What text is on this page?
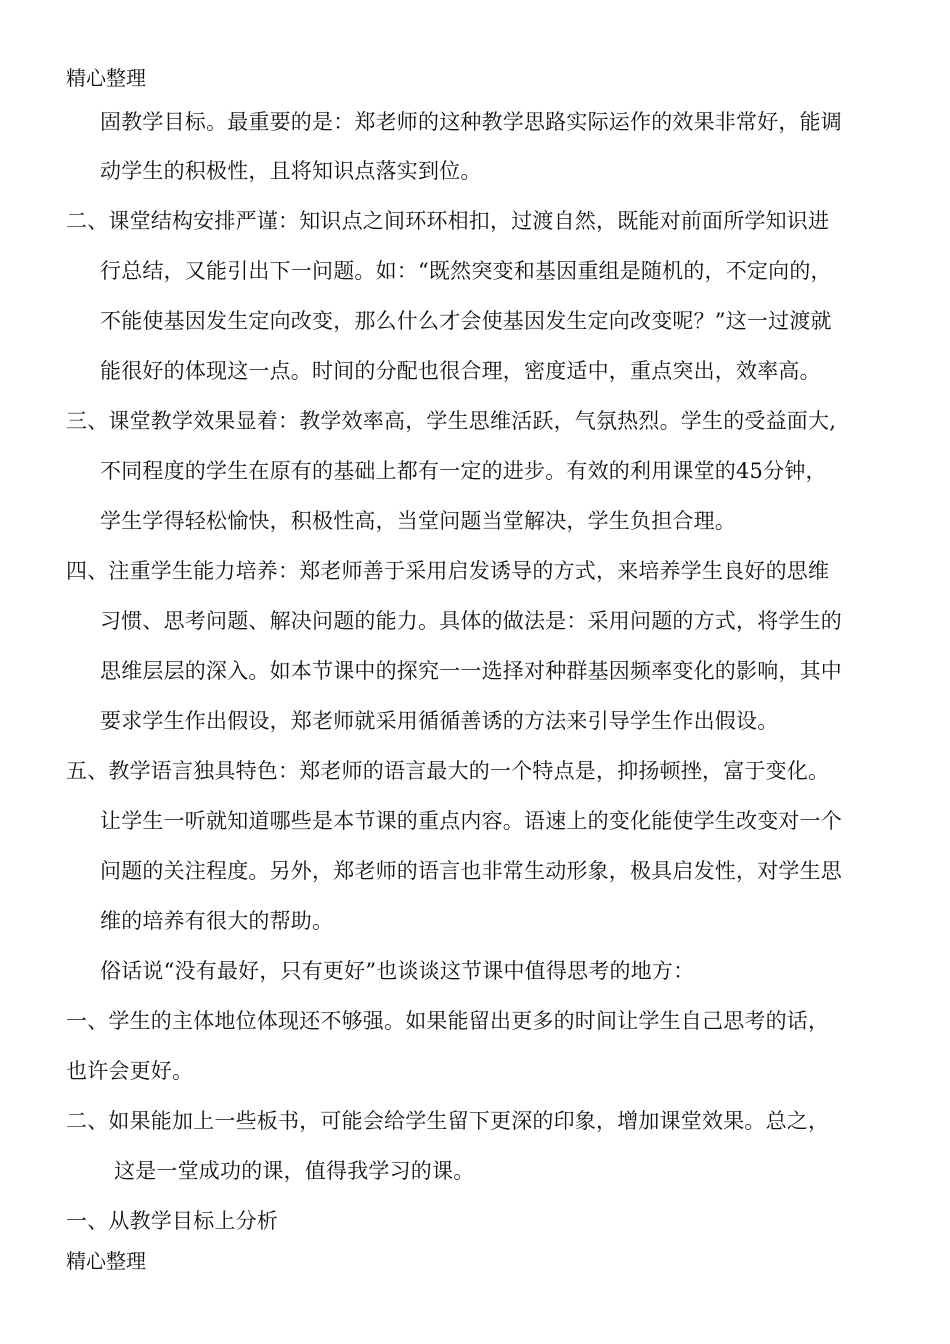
精心整理
固教学目标。最重要的是：郑老师的这种教学思路实际运作的效果非常好，能调
动学生的积极性，且将知识点落实到位。
二、课堂结构安排严谨：知识点之间环环相扣，过渡自然，既能对前面所学知识进
行总结，又能引出下一问题。如：“既然突变和基因重组是随机的，不定向的，
不能使基因发生定向改变，那么什么才会使基因发生定向改变呢？”这一过渡就
能很好的体现这一点。时间的分配也很合理，密度适中，重点突出，效率高。
三、课堂教学效果显着：教学效率高，学生思维活跃，气氛热烈。学生的受益面大,
不同程度的学生在原有的基础上都有一定的进步。有效的利用课堂的45分钟，
学生学得轻松愉快，积极性高，当堂问题当堂解决，学生负担合理。
四、注重学生能力培养：郑老师善于采用启发诱导的方式，来培养学生良好的思维
习惯、思考问题、解决问题的能力。具体的做法是：采用问题的方式，将学生的
思维层层的深入。如本节课中的探究一一选择对种群基因频率变化的影响，其中
要求学生作出假设，郑老师就采用循循善诱的方法来引导学生作出假设。
五、教学语言独具特色：郑老师的语言最大的一个特点是，抑扬顿挫，富于变化。
让学生一听就知道哪些是本节课的重点内容。语速上的变化能使学生改变对一个
问题的关注程度。另外，郑老师的语言也非常生动形象，极具启发性，对学生思
维的培养有很大的帮助。
俗话说“没有最好，只有更好”也谈谈这节课中值得思考的地方：
一、学生的主体地位体现还不够强。如果能留出更多的时间让学生自己思考的话，
也许会更好。
二、如果能加上一些板书，可能会给学生留下更深的印象，增加课堂效果。总之，
这是一堂成功的课，值得我学习的课。
一、从教学目标上分析
精心整理
